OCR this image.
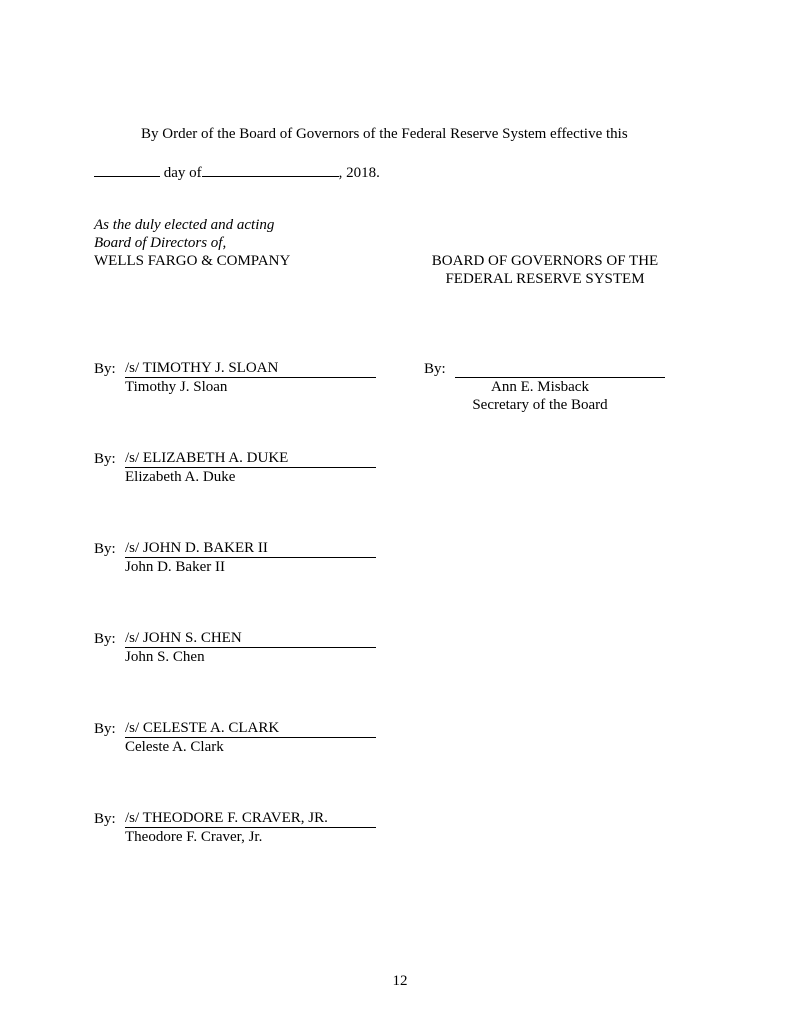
By Order of the Board of Governors of the Federal Reserve System effective this
day of	, 2018.
As the duly elected and acting
Board of Directors of,
WELLS FARGO & COMPANY	BOARD OF GOVERNORS OF THE
FEDERAL RESERVE SYSTEM
By: /s/ TIMOTHY J. SLOAN
Timothy J. Sloan
By:
Ann E. Misback
Secretary of the Board
By: /s/ ELIZABETH A. DUKE
Elizabeth A. Duke
By: /s/ JOHN D. BAKER II
John D. Baker II
By: /s/ JOHN S. CHEN
John S. Chen
By: /s/ CELESTE A. CLARK
Celeste A. Clark
By: /s/ THEODORE F. CRAVER, JR.
Theodore F. Craver, Jr.
12
